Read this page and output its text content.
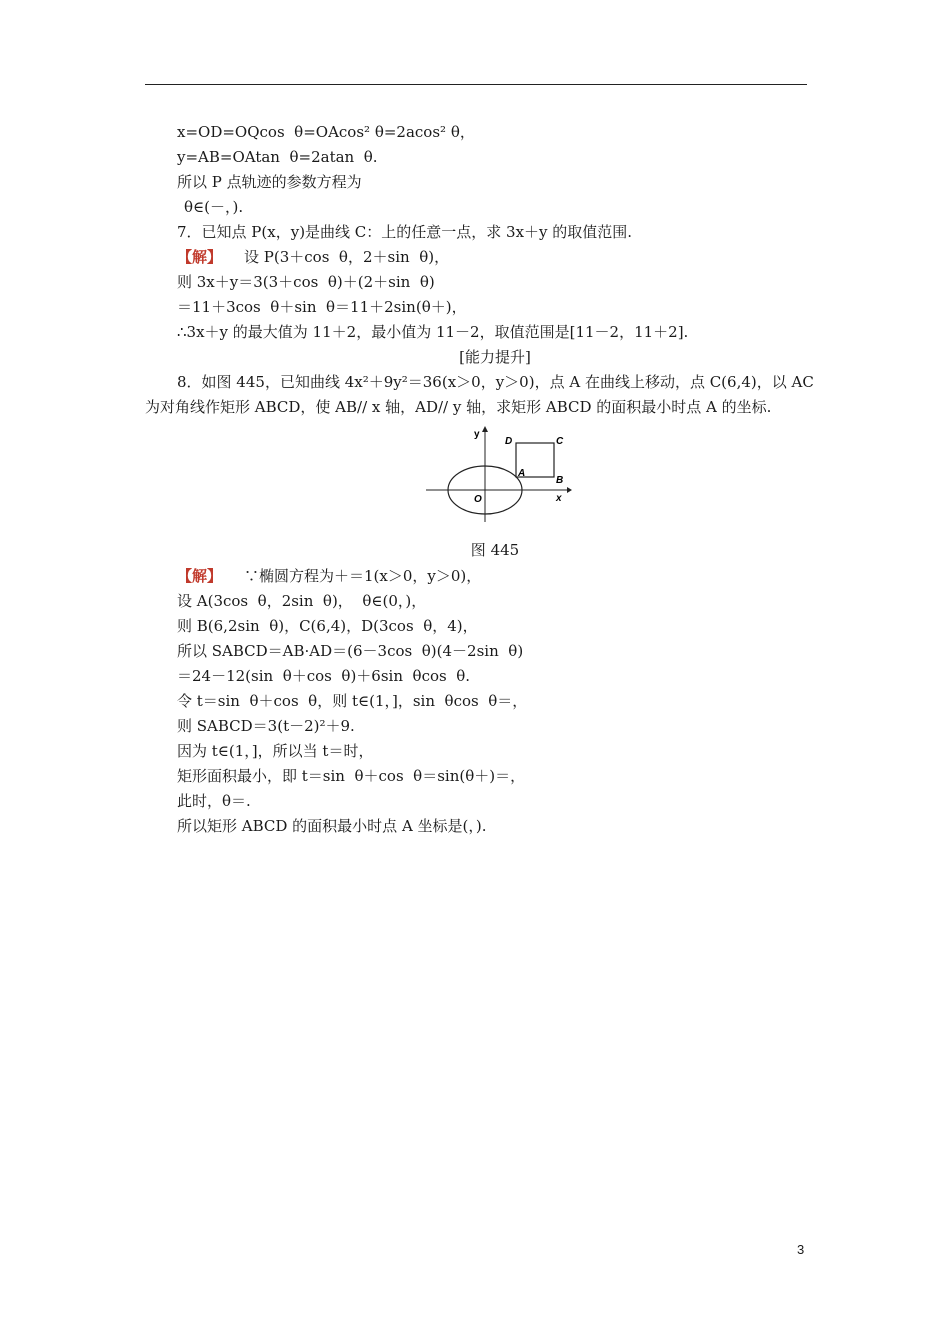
x=OD=OQcos  θ=OAcos² θ=2acos² θ，
y=AB=OAtan  θ=2atan  θ.
所以 P 点轨迹的参数方程为
θ∈(－，).
7．已知点 P(x，y)是曲线 C：上的任意一点，求 3x＋y 的取值范围.
【解】 设 P(3＋cos  θ，2＋sin  θ)，
则 3x＋y＝3(3＋cos  θ)＋(2＋sin  θ)
＝11＋3cos  θ＋sin  θ＝11＋2sin(θ＋)，
∴3x＋y 的最大值为 11＋2，最小值为 11－2，取值范围是[11－2，11＋2].
[能力提升]
8．如图 445，已知曲线 4x²＋9y²＝36(x＞0，y＞0)，点 A 在曲线上移动，点 C(6,4)，以 AC
为对角线作矩形 ABCD，使 AB// x 轴，AD// y 轴，求矩形 ABCD 的面积最小时点 A 的坐标.
y
x
O
A
B
C
D
图 445
【解】 ∵椭圆方程为＋＝1(x＞0，y＞0)，
设 A(3cos  θ，2sin  θ)，  θ∈(0，)，
则 B(6,2sin  θ)，C(6,4)，D(3cos  θ，4)，
所以 SABCD＝AB·AD＝(6－3cos  θ)(4－2sin  θ)
＝24－12(sin  θ＋cos  θ)＋6sin  θcos  θ.
令 t＝sin  θ＋cos  θ，则 t∈(1，]，sin  θcos  θ＝，
则 SABCD＝3(t－2)²＋9.
因为 t∈(1，]，所以当 t＝时，
矩形面积最小，即 t＝sin  θ＋cos  θ＝sin(θ＋)＝，
此时，θ＝.
所以矩形 ABCD 的面积最小时点 A 坐标是(，).
3
